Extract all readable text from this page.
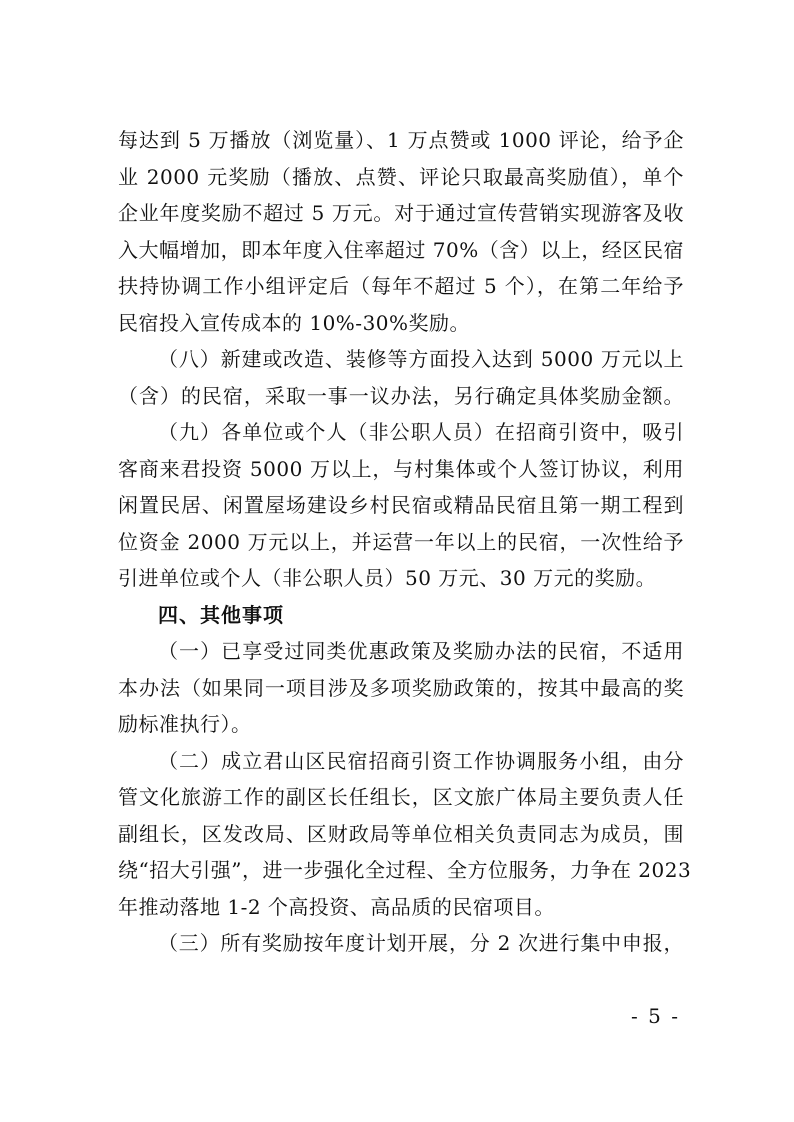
每达到 5 万播放（浏览量）、1 万点赞或 1000 评论，给予企
业 2000 元奖励（播放、点赞、评论只取最高奖励值），单个
企业年度奖励不超过 5 万元。对于通过宣传营销实现游客及收
入大幅增加，即本年度入住率超过 70%（含）以上，经区民宿
扶持协调工作小组评定后（每年不超过 5 个），在第二年给予
民宿投入宣传成本的 10%-30%奖励。
（八）新建或改造、装修等方面投入达到 5000 万元以上
（含）的民宿，采取一事一议办法，另行确定具体奖励金额。
（九）各单位或个人（非公职人员）在招商引资中，吸引
客商来君投资 5000 万以上，与村集体或个人签订协议，利用
闲置民居、闲置屋场建设乡村民宿或精品民宿且第一期工程到
位资金 2000 万元以上，并运营一年以上的民宿，一次性给予
引进单位或个人（非公职人员）50 万元、30 万元的奖励。
四、其他事项
（一）已享受过同类优惠政策及奖励办法的民宿，不适用
本办法（如果同一项目涉及多项奖励政策的，按其中最高的奖
励标准执行）。
（二）成立君山区民宿招商引资工作协调服务小组，由分
管文化旅游工作的副区长任组长，区文旅广体局主要负责人任
副组长，区发改局、区财政局等单位相关负责同志为成员，围
绕“招大引强”，进一步强化全过程、全方位服务，力争在 2023
年推动落地 1-2 个高投资、高品质的民宿项目。
（三）所有奖励按年度计划开展，分 2 次进行集中申报，
- 5 -
